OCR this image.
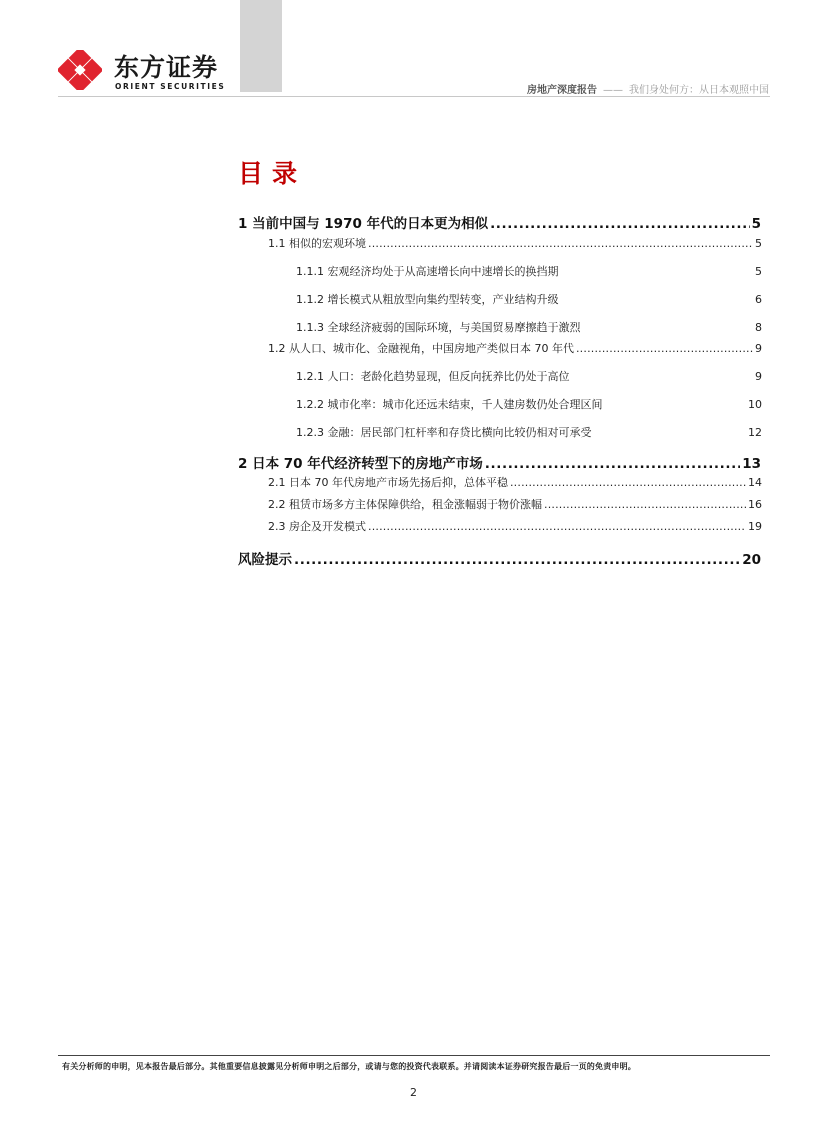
东方证券
ORIENT SECURITIES	房地产深度报告 —— 我们身处何方：从日本观照中国
目录
1 当前中国与 1970 年代的日本更为相似 .....	5
1.1 相似的宏观环境 .....	5
1.1.1 宏观经济均处于从高速增长向中速增长的换挡期	5
1.1.2 增长模式从粗放型向集约型转变，产业结构升级	6
1.1.3 全球经济疲弱的国际环境，与美国贸易摩擦趋于激烈	8
1.2 从人口、城市化、金融视角，中国房地产类似日本 70 年代 .....	9
1.2.1 人口：老龄化趋势显现，但反向抚养比仍处于高位	9
1.2.2 城市化率：城市化还远未结束，千人建房数仍处合理区间	10
1.2.3 金融：居民部门杠杆率和存贷比横向比较仍相对可承受	12
2 日本 70 年代经济转型下的房地产市场 .....	13
2.1 日本 70 年代房地产市场先扬后抑，总体平稳 .....	14
2.2 租赁市场多方主体保障供给，租金涨幅弱于物价涨幅 .....	16
2.3 房企及开发模式 .....	19
风险提示 .....	20
有关分析师的申明，见本报告最后部分。其他重要信息披露见分析师申明之后部分，或请与您的投资代表联系。并请阅读本证券研究报告最后一页的免责申明。
2
